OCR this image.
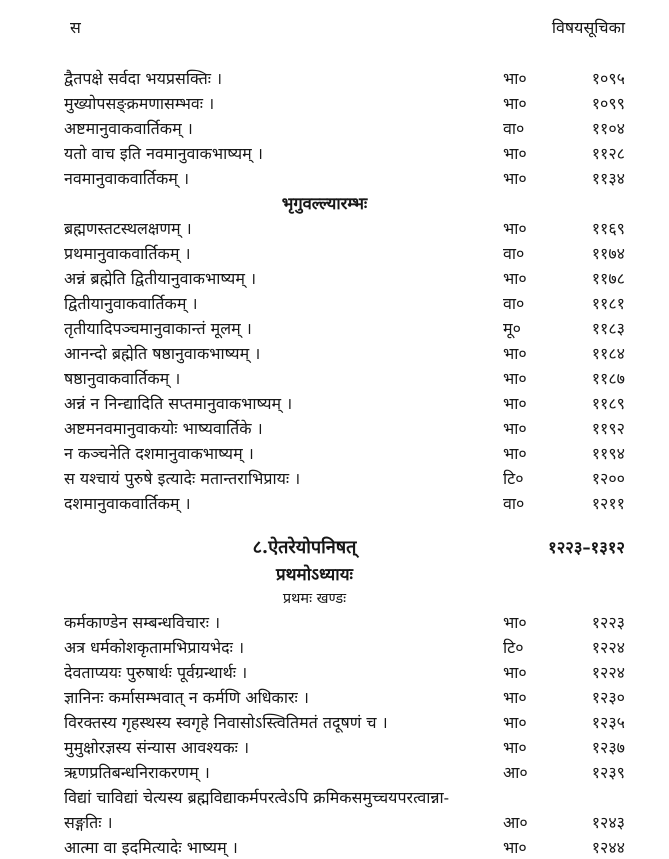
स	विषयसूचिका
द्वैतपक्षे सर्वदा भयप्रसक्तिः ।	भा०	१०९५
मुख्योपसङ्क्रमणासम्भवः ।	भा०	१०९९
अष्टमानुवाकवार्तिकम् ।	वा०	११०४
यतो वाच इति नवमानुवाकभाष्यम् ।	भा०	११२८
नवमानुवाकवार्तिकम् ।	भा०	११३४
भृगुवल्ल्यारम्भः
ब्रह्मणस्तटस्थलक्षणम् ।	भा०	११६९
प्रथमानुवाकवार्तिकम् ।	वा०	११७४
अन्नं ब्रह्मेति द्वितीयानुवाकभाष्यम् ।	भा०	११७८
द्वितीयानुवाकवार्तिकम् ।	वा०	११८१
तृतीयादिपञ्चमानुवाकान्तं मूलम् ।	मू०	११८३
आनन्दो ब्रह्मेति षष्ठानुवाकभाष्यम् ।	भा०	११८४
षष्ठानुवाकवार्तिकम् ।	भा०	११८७
अन्नं न निन्द्यादिति सप्तमानुवाकभाष्यम् ।	भा०	११८९
अष्टमनवमानुवाकयोः भाष्यवार्तिके ।	भा०	११९२
न कञ्चनेति दशमानुवाकभाष्यम् ।	भा०	११९४
स यश्चायं पुरुषे इत्यादेः मतान्तराभिप्रायः ।	टि०	१२००
दशमानुवाकवार्तिकम् ।	वा०	१२११
८.ऐतरेयोपनिषत्	१२२३–१३१२
प्रथमोऽध्यायः
प्रथमः खण्डः
कर्मकाण्डेन सम्बन्धविचारः ।	भा०	१२२३
अत्र धर्मकोशकृतामभिप्रायभेदः ।	टि०	१२२४
देवताप्ययः पुरुषार्थः पूर्वग्रन्थार्थः ।	भा०	१२२४
ज्ञानिनः कर्मासम्भवात् न कर्मणि अधिकारः ।	भा०	१२३०
विरक्तस्य गृहस्थस्य स्वगृहे निवासोऽस्त्वितिमतं तदूषणं च ।	भा०	१२३५
मुमुक्षोरज्ञस्य संन्यास आवश्यकः ।	भा०	१२३७
ऋणप्रतिबन्धनिराकरणम् ।	आ०	१२३९
विद्यां चाविद्यां चेत्यस्य ब्रह्मविद्याकर्मपरत्वेऽपि क्रमिकसमुच्चयपरत्वान्ना-
सङ्गतिः ।	आ०	१२४३
आत्मा वा इदमित्यादेः भाष्यम् ।	भा०	१२४४
